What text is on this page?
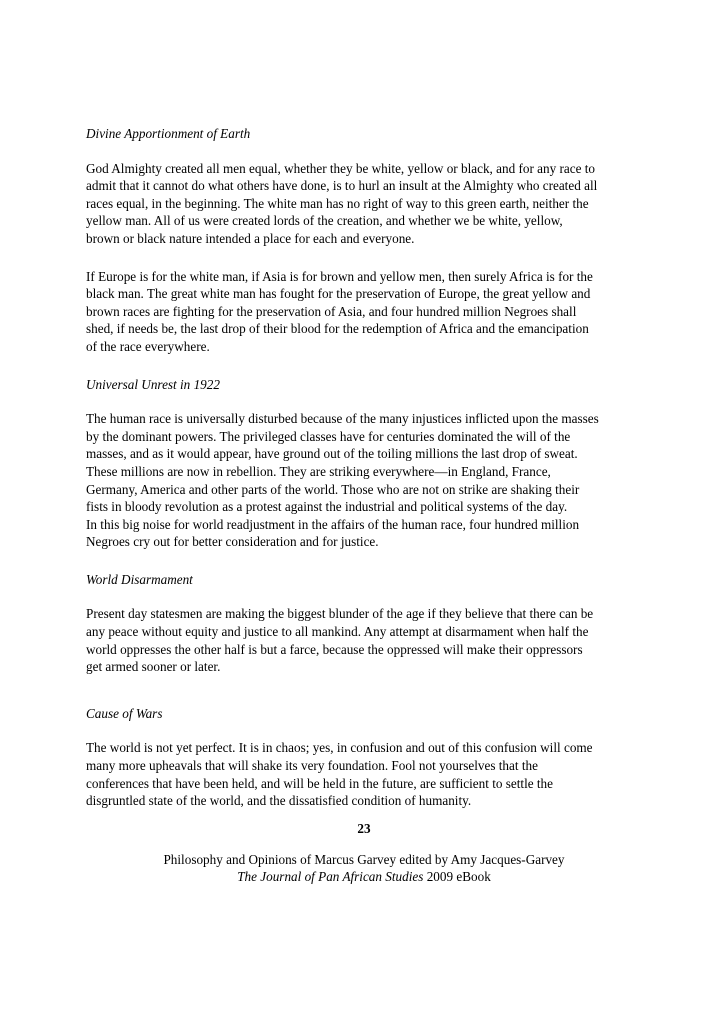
Divine Apportionment of Earth

God Almighty created all men equal, whether they be white, yellow or black, and for any race to
admit that it cannot do what others have done, is to hurl an insult at the Almighty who created all
races equal, in the beginning. The white man has no right of way to this green earth, neither the
yellow man. All of us were created lords of the creation, and whether we be white, yellow,
brown or black nature intended a place for each and everyone.

If Europe is for the white man, if Asia is for brown and yellow men, then surely Africa is for the
black man. The great white man has fought for the preservation of Europe, the great yellow and
brown races are fighting for the preservation of Asia, and four hundred million Negroes shall
shed, if needs be, the last drop of their blood for the redemption of Africa and the emancipation
of the race everywhere.

Universal Unrest in 1922

The human race is universally disturbed because of the many injustices inflicted upon the masses
by the dominant powers. The privileged classes have for centuries dominated the will of the
masses, and as it would appear, have ground out of the toiling millions the last drop of sweat.
These millions are now in rebellion. They are striking everywhere—in England, France,
Germany, America and other parts of the world. Those who are not on strike are shaking their
fists in bloody revolution as a protest against the industrial and political systems of the day.
In this big noise for world readjustment in the affairs of the human race, four hundred million
Negroes cry out for better consideration and for justice.

World Disarmament

Present day statesmen are making the biggest blunder of the age if they believe that there can be
any peace without equity and justice to all mankind. Any attempt at disarmament when half the
world oppresses the other half is but a farce, because the oppressed will make their oppressors
get armed sooner or later.

Cause of Wars

The world is not yet perfect. It is in chaos; yes, in confusion and out of this confusion will come
many more upheavals that will shake its very foundation. Fool not yourselves that the
conferences that have been held, and will be held in the future, are sufficient to settle the
disgruntled state of the world, and the dissatisfied condition of humanity.

23
Philosophy and Opinions of Marcus Garvey edited by Amy Jacques-Garvey
The Journal of Pan African Studies 2009 eBook
